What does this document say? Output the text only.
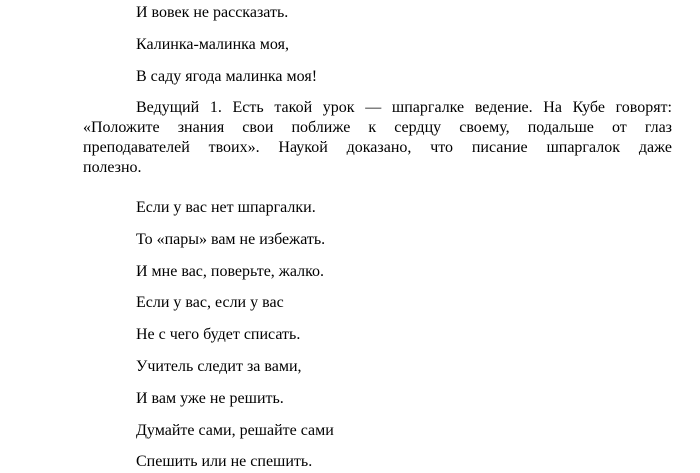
И вовек не рассказать.
Калинка-малинка моя,
В саду ягода малинка моя!
Ведущий 1. Есть такой урок — шпаргалке ведение. На Кубе говорят:
«Положите знания свои поближе к сердцу своему, подальше от глаз
преподавателей твоих». Наукой доказано, что писание шпаргалок даже
полезно.
Если у вас нет шпаргалки.
То «пары» вам не избежать.
И мне вас, поверьте, жалко.
Если у вас, если у вас
Не с чего будет списать.
Учитель следит за вами,
И вам уже не решить.
Думайте сами, решайте сами
Спешить или не спешить.
